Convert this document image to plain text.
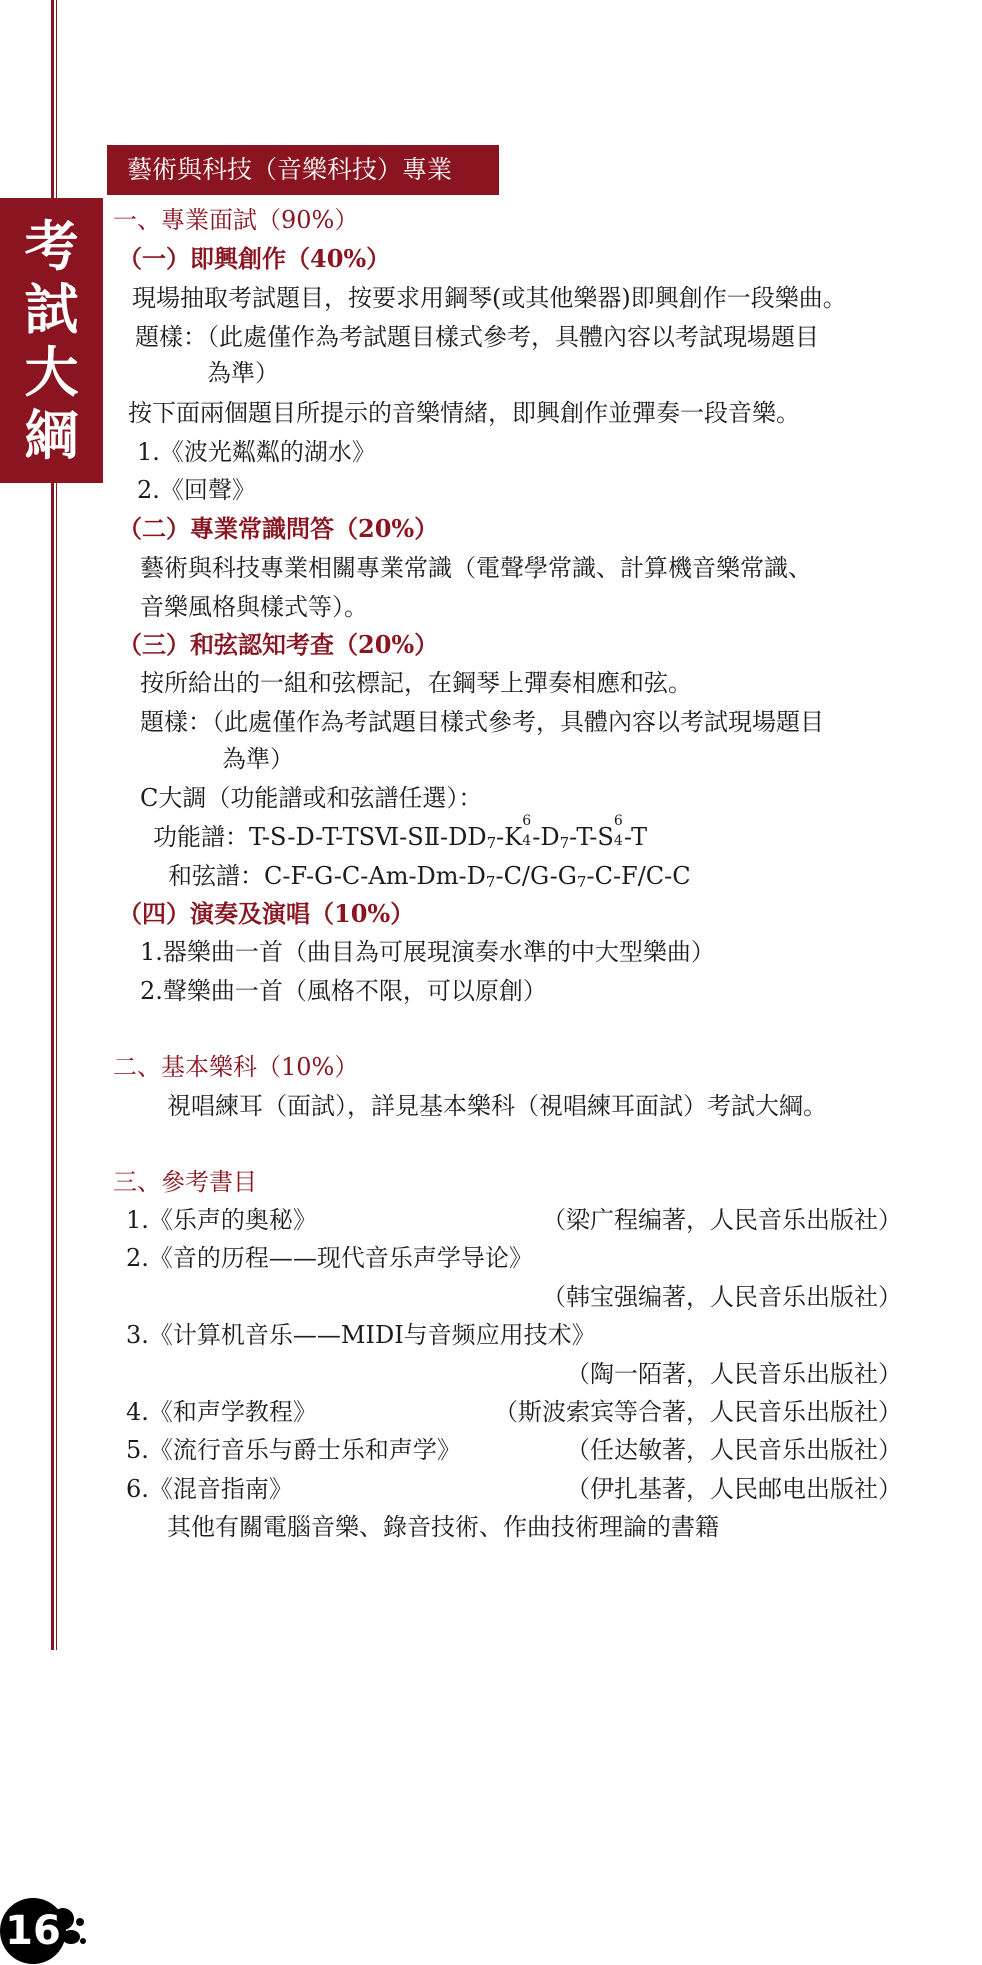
考
試
大
綱
藝術與科技（音樂科技）專業
一、專業面試（90%）
（一）即興創作（40%）
現場抽取考試題目，按要求用鋼琴(或其他樂器)即興創作一段樂曲。
題樣：（此處僅作為考試題目樣式參考，具體內容以考試現場題目
為準）
按下面兩個題目所提示的音樂情緒，即興創作並彈奏一段音樂。
1.《波光粼粼的湖水》
2.《回聲》
（二）專業常識問答（20%）
藝術與科技專業相關專業常識（電聲學常識、計算機音樂常識、
音樂風格與樣式等）。
（三）和弦認知考查（20%）
按所給出的一組和弦標記，在鋼琴上彈奏相應和弦。
題樣：（此處僅作為考試題目樣式參考，具體內容以考試現場題目
為準）
C大調（功能譜或和弦譜任選）：
功能譜：$T-S-D-T-TSⅥ-SⅡ-DD_7-K$
6
4 $-D_7-T-S$
6
4 -T
和弦譜：$C-F-G-C-Am-Dm-D_7-C/G-G_7-C-F/C-C$
（四）演奏及演唱（10%）
1.器樂曲一首（曲目為可展現演奏水準的中大型樂曲）
2.聲樂曲一首（風格不限，可以原創）
二、基本樂科（10%）
視唱練耳（面試），詳見基本樂科（視唱練耳面試）考試大綱。
三、參考書目
1.《乐声的奥秘》	（梁广程编著，人民音乐出版社）
2.《音的历程——现代音乐声学导论》
（韩宝强编著，人民音乐出版社）
3.《计算机音乐——MIDI与音频应用技术》
（陶一陌著，人民音乐出版社）
4.《和声学教程》	（斯波索宾等合著，人民音乐出版社）
5.《流行音乐与爵士乐和声学》	（任达敏著，人民音乐出版社）
6.《混音指南》	（伊扎基著，人民邮电出版社）
其他有關電腦音樂、錄音技術、作曲技術理論的書籍
16
